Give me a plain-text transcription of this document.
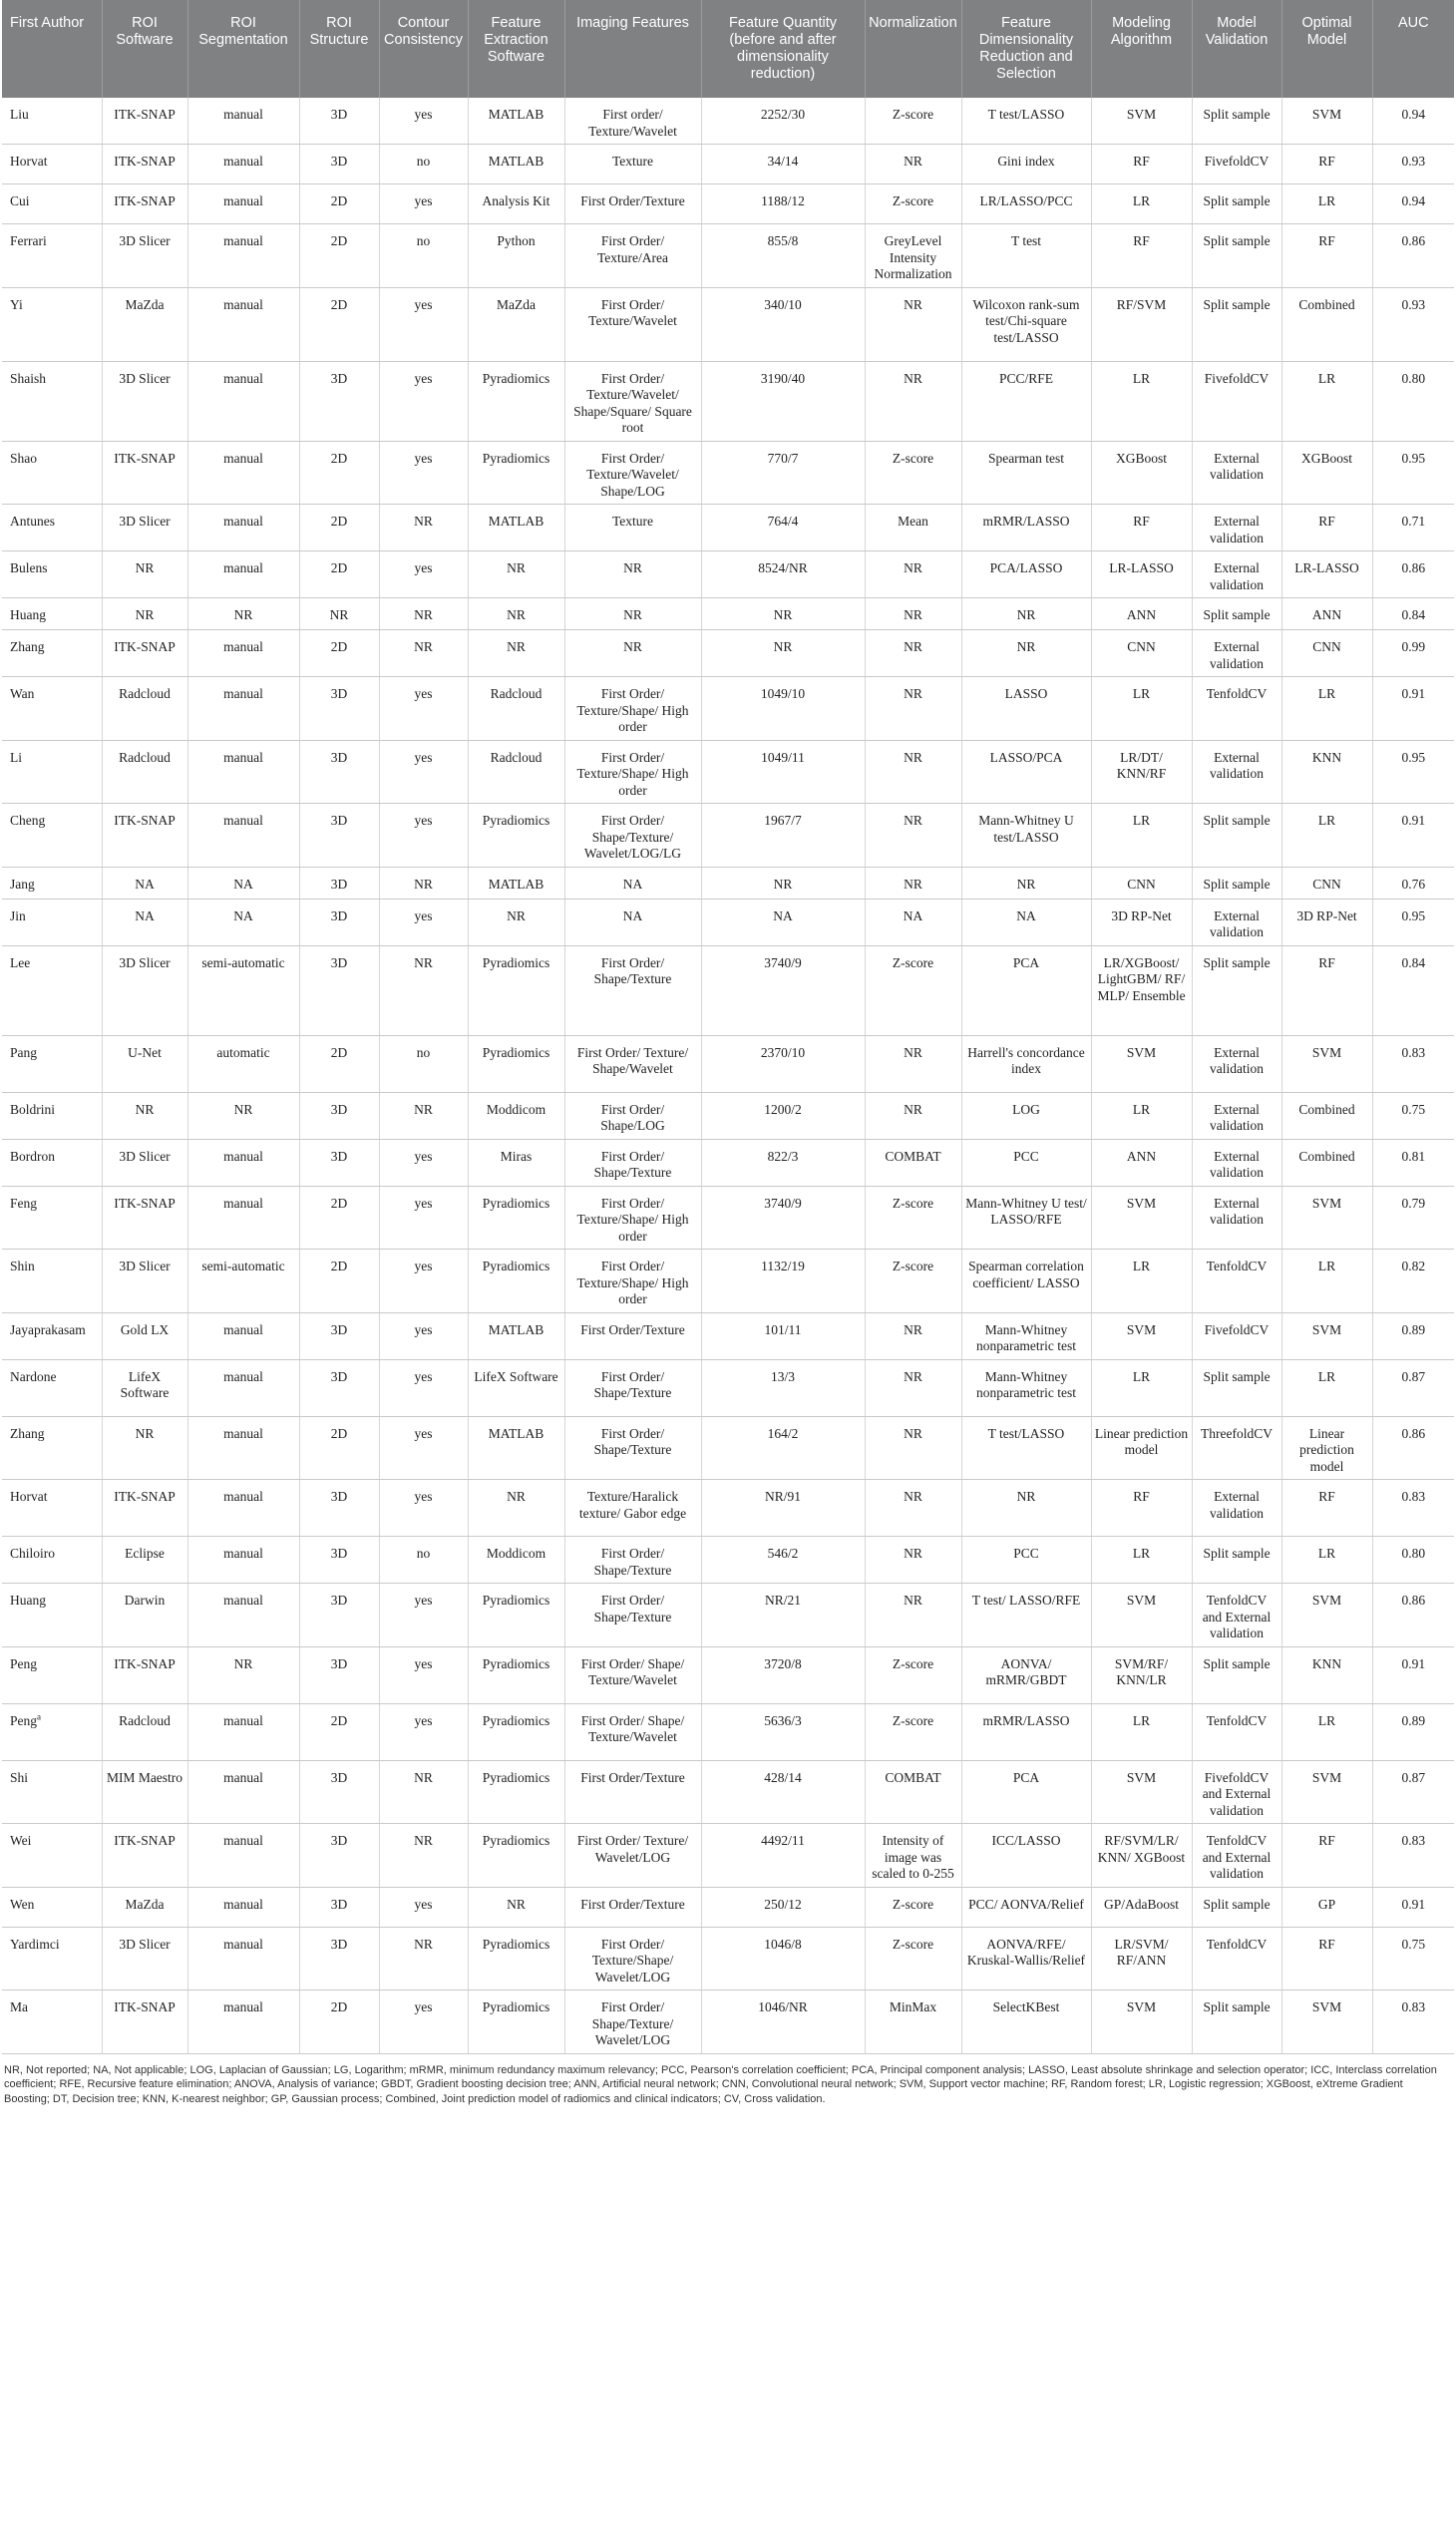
First Author	ROI Software	ROI Segmentation	ROI Structure	Contour Consistency	Feature Extraction Software	Imaging Features	Feature Quantity (before and after dimensionality reduction)	Normalization	Feature Dimensionality Reduction and Selection	Modeling Algorithm	Model Validation	Optimal Model	AUC
Liu	ITK-SNAP	manual	3D	yes	MATLAB	First order/ Texture/Wavelet	2252/30	Z-score	T test/LASSO	SVM	Split sample	SVM	0.94
Horvat	ITK-SNAP	manual	3D	no	MATLAB	Texture	34/14	NR	Gini index	RF	FivefoldCV	RF	0.93
Cui	ITK-SNAP	manual	2D	yes	Analysis Kit	First Order/Texture	1188/12	Z-score	LR/LASSO/PCC	LR	Split sample	LR	0.94
Ferrari	3D Slicer	manual	2D	no	Python	First Order/ Texture/Area	855/8	GreyLevel Intensity Normalization	T test	RF	Split sample	RF	0.86
Yi	MaZda	manual	2D	yes	MaZda	First Order/ Texture/Wavelet	340/10	NR	Wilcoxon rank-sum test/Chi-square test/LASSO	RF/SVM	Split sample	Combined	0.93
Shaish	3D Slicer	manual	3D	yes	Pyradiomics	First Order/ Texture/Wavelet/ Shape/Square/ Square root	3190/40	NR	PCC/RFE	LR	FivefoldCV	LR	0.80
Shao	ITK-SNAP	manual	2D	yes	Pyradiomics	First Order/ Texture/Wavelet/ Shape/LOG	770/7	Z-score	Spearman test	XGBoost	External validation	XGBoost	0.95
Antunes	3D Slicer	manual	2D	NR	MATLAB	Texture	764/4	Mean	mRMR/LASSO	RF	External validation	RF	0.71
Bulens	NR	manual	2D	yes	NR	NR	8524/NR	NR	PCA/LASSO	LR-LASSO	External validation	LR-LASSO	0.86
Huang	NR	NR	NR	NR	NR	NR	NR	NR	NR	ANN	Split sample	ANN	0.84
Zhang	ITK-SNAP	manual	2D	NR	NR	NR	NR	NR	NR	CNN	External validation	CNN	0.99
Wan	Radcloud	manual	3D	yes	Radcloud	First Order/ Texture/Shape/ High order	1049/10	NR	LASSO	LR	TenfoldCV	LR	0.91
Li	Radcloud	manual	3D	yes	Radcloud	First Order/ Texture/Shape/ High order	1049/11	NR	LASSO/PCA	LR/DT/ KNN/RF	External validation	KNN	0.95
Cheng	ITK-SNAP	manual	3D	yes	Pyradiomics	First Order/ Shape/Texture/ Wavelet/LOG/LG	1967/7	NR	Mann-Whitney U test/LASSO	LR	Split sample	LR	0.91
Jang	NA	NA	3D	NR	MATLAB	NA	NR	NR	NR	CNN	Split sample	CNN	0.76
Jin	NA	NA	3D	yes	NR	NA	NA	NA	NA	3D RP-Net	External validation	3D RP-Net	0.95
Lee	3D Slicer	semi-automatic	3D	NR	Pyradiomics	First Order/ Shape/Texture	3740/9	Z-score	PCA	LR/XGBoost/ LightGBM/ RF/ MLP/ Ensemble	Split sample	RF	0.84
Pang	U-Net	automatic	2D	no	Pyradiomics	First Order/ Texture/ Shape/Wavelet	2370/10	NR	Harrell's concordance index	SVM	External validation	SVM	0.83
Boldrini	NR	NR	3D	NR	Moddicom	First Order/ Shape/LOG	1200/2	NR	LOG	LR	External validation	Combined	0.75
Bordron	3D Slicer	manual	3D	yes	Miras	First Order/ Shape/Texture	822/3	COMBAT	PCC	ANN	External validation	Combined	0.81
Feng	ITK-SNAP	manual	2D	yes	Pyradiomics	First Order/ Texture/Shape/ High order	3740/9	Z-score	Mann-Whitney U test/ LASSO/RFE	SVM	External validation	SVM	0.79
Shin	3D Slicer	semi-automatic	2D	yes	Pyradiomics	First Order/ Texture/Shape/ High order	1132/19	Z-score	Spearman correlation coefficient/ LASSO	LR	TenfoldCV	LR	0.82
Jayaprakasam	Gold LX	manual	3D	yes	MATLAB	First Order/Texture	101/11	NR	Mann-Whitney nonparametric test	SVM	FivefoldCV	SVM	0.89
Nardone	LifeX Software	manual	3D	yes	LifeX Software	First Order/ Shape/Texture	13/3	NR	Mann-Whitney nonparametric test	LR	Split sample	LR	0.87
Zhang	NR	manual	2D	yes	MATLAB	First Order/ Shape/Texture	164/2	NR	T test/LASSO	Linear prediction model	ThreefoldCV	Linear prediction model	0.86
Horvat	ITK-SNAP	manual	3D	yes	NR	Texture/Haralick texture/ Gabor edge	NR/91	NR	NR	RF	External validation	RF	0.83
Chiloiro	Eclipse	manual	3D	no	Moddicom	First Order/ Shape/Texture	546/2	NR	PCC	LR	Split sample	LR	0.80
Huang	Darwin	manual	3D	yes	Pyradiomics	First Order/ Shape/Texture	NR/21	NR	T test/ LASSO/RFE	SVM	TenfoldCV and External validation	SVM	0.86
Peng	ITK-SNAP	NR	3D	yes	Pyradiomics	First Order/ Shape/ Texture/Wavelet	3720/8	Z-score	AONVA/ mRMR/GBDT	SVM/RF/ KNN/LR	Split sample	KNN	0.91
Peng$^a$	Radcloud	manual	2D	yes	Pyradiomics	First Order/ Shape/ Texture/Wavelet	5636/3	Z-score	mRMR/LASSO	LR	TenfoldCV	LR	0.89
Shi	MIM Maestro	manual	3D	NR	Pyradiomics	First Order/Texture	428/14	COMBAT	PCA	SVM	FivefoldCV and External validation	SVM	0.87
Wei	ITK-SNAP	manual	3D	NR	Pyradiomics	First Order/ Texture/ Wavelet/LOG	4492/11	Intensity of image was scaled to 0-255	ICC/LASSO	RF/SVM/LR/ KNN/ XGBoost	TenfoldCV and External validation	RF	0.83
Wen	MaZda	manual	3D	yes	NR	First Order/Texture	250/12	Z-score	PCC/ AONVA/Relief	GP/AdaBoost	Split sample	GP	0.91
Yardimci	3D Slicer	manual	3D	NR	Pyradiomics	First Order/ Texture/Shape/ Wavelet/LOG	1046/8	Z-score	AONVA/RFE/ Kruskal-Wallis/Relief	LR/SVM/ RF/ANN	TenfoldCV	RF	0.75
Ma	ITK-SNAP	manual	2D	yes	Pyradiomics	First Order/ Shape/Texture/ Wavelet/LOG	1046/NR	MinMax	SelectKBest	SVM	Split sample	SVM	0.83
NR, Not reported; NA, Not applicable; LOG, Laplacian of Gaussian; LG, Logarithm; mRMR, minimum redundancy maximum relevancy; PCC, Pearson's correlation coefficient; PCA, Principal component analysis; LASSO, Least absolute shrinkage and selection operator; ICC, Interclass correlation coefficient; RFE, Recursive feature elimination; ANOVA, Analysis of variance; GBDT, Gradient boosting decision tree; ANN, Artificial neural network; CNN, Convolutional neural network; SVM, Support vector machine; RF, Random forest; LR, Logistic regression; XGBoost, eXtreme Gradient Boosting; DT, Decision tree; KNN, K-nearest neighbor; GP, Gaussian process; Combined, Joint prediction model of radiomics and clinical indicators; CV, Cross validation.
